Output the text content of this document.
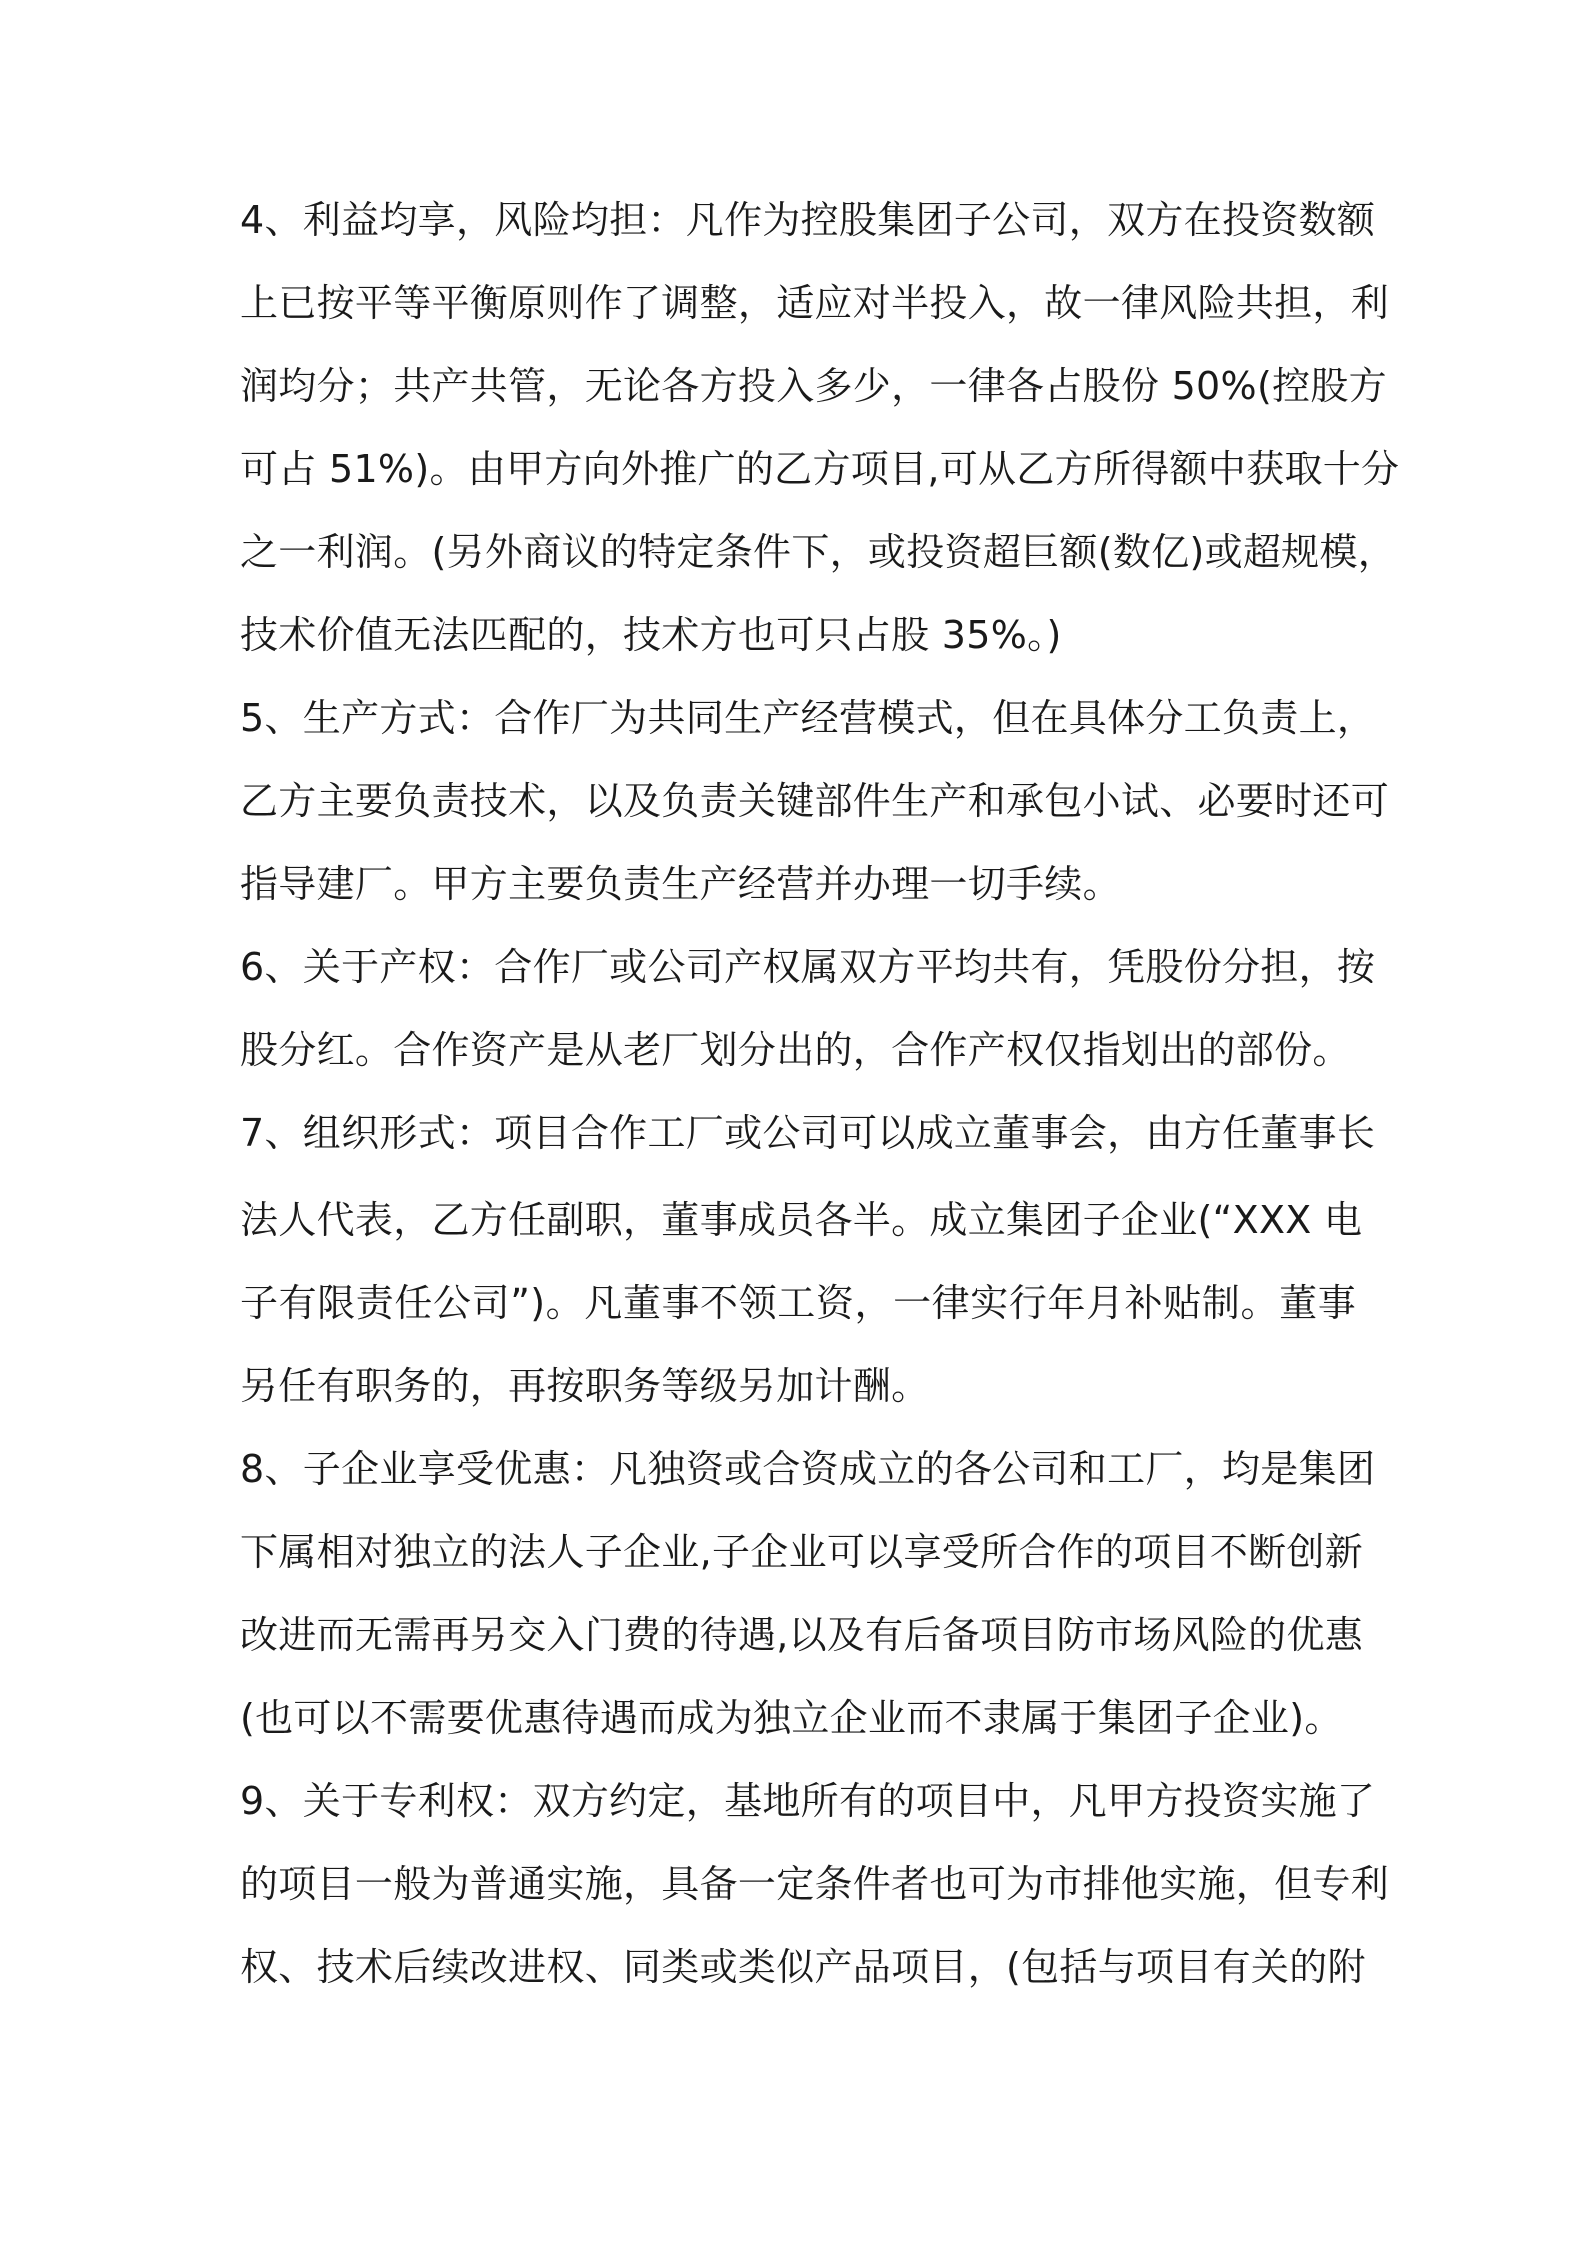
4、利益均享，风险均担：凡作为控股集团子公司，双方在投资数额
上已按平等平衡原则作了调整，适应对半投入，故一律风险共担，利
润均分；共产共管，无论各方投入多少，一律各占股份 50%(控股方
可占 51%)。由甲方向外推广的乙方项目,可从乙方所得额中获取十分
之一利润。(另外商议的特定条件下，或投资超巨额(数亿)或超规模，
技术价值无法匹配的，技术方也可只占股 35%。)
5、生产方式：合作厂为共同生产经营模式，但在具体分工负责上，
乙方主要负责技术，以及负责关键部件生产和承包小试、必要时还可
指导建厂。甲方主要负责生产经营并办理一切手续。
6、关于产权：合作厂或公司产权属双方平均共有，凭股份分担，按
股分红。合作资产是从老厂划分出的，合作产权仅指划出的部份。
7、组织形式：项目合作工厂或公司可以成立董事会，由方任董事长
法人代表，乙方任副职，董事成员各半。成立集团子企业(“XXX 电
子有限责任公司”)。凡董事不领工资，一律实行年月补贴制。董事
另任有职务的，再按职务等级另加计酬。
8、子企业享受优惠：凡独资或合资成立的各公司和工厂，均是集团
下属相对独立的法人子企业,子企业可以享受所合作的项目不断创新
改进而无需再另交入门费的待遇,以及有后备项目防市场风险的优惠
(也可以不需要优惠待遇而成为独立企业而不隶属于集团子企业)。
9、关于专利权：双方约定，基地所有的项目中，凡甲方投资实施了
的项目一般为普通实施，具备一定条件者也可为市排他实施，但专利
权、技术后续改进权、同类或类似产品项目，(包括与项目有关的附
